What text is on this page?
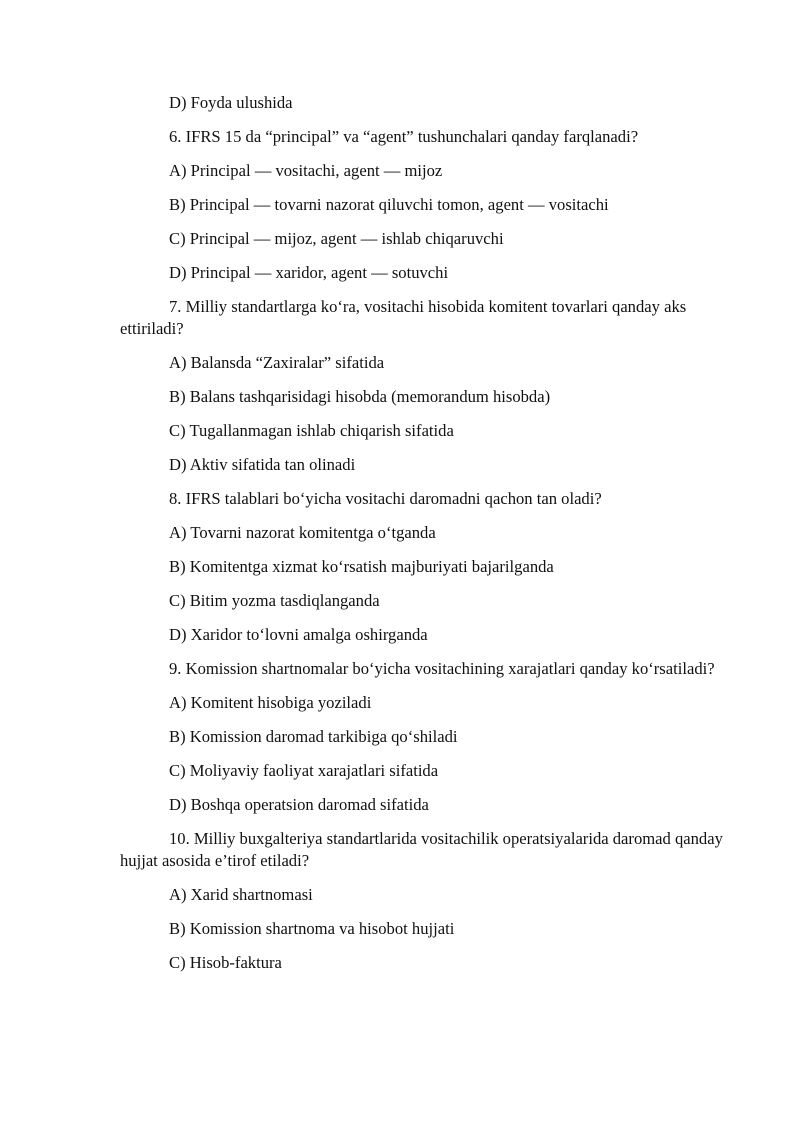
D) Foyda ulushida

6. IFRS 15 da “principal” va “agent” tushunchalari qanday farqlanadi?

A) Principal — vositachi, agent — mijoz

B) Principal — tovarni nazorat qiluvchi tomon, agent — vositachi

C) Principal — mijoz, agent — ishlab chiqaruvchi

D) Principal — xaridor, agent — sotuvchi

7. Milliy standartlarga ko‘ra, vositachi hisobida komitent tovarlari qanday aks ettiriladi?

A) Balansda “Zaxiralar” sifatida

B) Balans tashqarisidagi hisobda (memorandum hisobda)

C) Tugallanmagan ishlab chiqarish sifatida

D) Aktiv sifatida tan olinadi

8. IFRS talablari bo‘yicha vositachi daromadni qachon tan oladi?

A) Tovarni nazorat komitentga o‘tganda

B) Komitentga xizmat ko‘rsatish majburiyati bajarilganda

C) Bitim yozma tasdiqlanganda

D) Xaridor to‘lovni amalga oshirganda

9. Komission shartnomalar bo‘yicha vositachining xarajatlari qanday ko‘rsatiladi?

A) Komitent hisobiga yoziladi

B) Komission daromad tarkibiga qo‘shiladi

C) Moliyaviy faoliyat xarajatlari sifatida

D) Boshqa operatsion daromad sifatida

10. Milliy buxgalteriya standartlarida vositachilik operatsiyalarida daromad qanday hujjat asosida e’tirof etiladi?

A) Xarid shartnomasi

B) Komission shartnoma va hisobot hujjati

C) Hisob-faktura
